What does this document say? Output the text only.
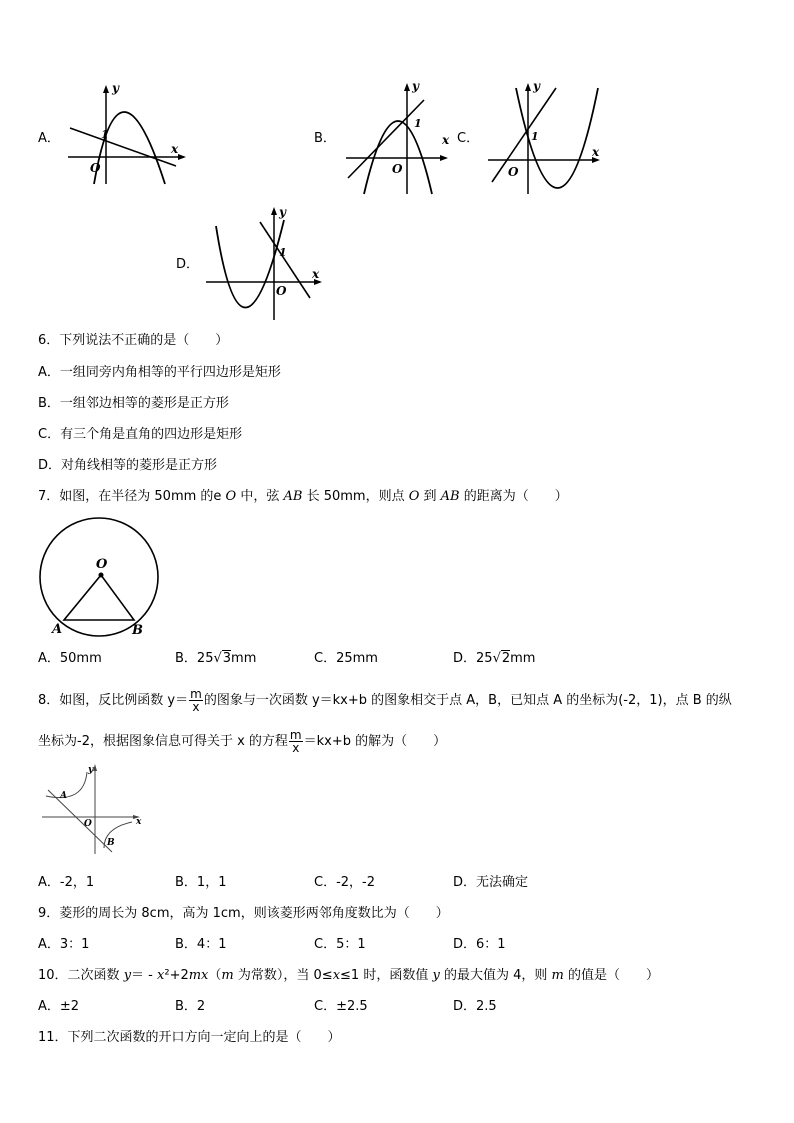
A．
y
x
O
1	B．
y
x
O
1
C．
y
x
O
1
D．
y
x
O
1
6．下列说法不正确的是（　　）
A．一组同旁内角相等的平行四边形是矩形
B．一组邻边相等的菱形是正方形
C．有三个角是直角的四边形是矩形
D．对角线相等的菱形是正方形
7．如图，在半径为 50mm 的e O 中，弦 AB 长 50mm，则点 O 到 AB 的距离为（　　）
O
A	B
A．50mm	B．25√3mm	C．25mm	D．25√2mm
8．如图，反比例函数 $y= \frac{m}{x}$ 的图象与一次函数 y＝kx+b 的图象相交于点 A，B，已知点 A 的坐标为(-2，1)，点 B 的纵
坐标为-2，根据图象信息可得关于 x 的方程 $\frac{m}{x} =kx+b$ 的解为（　　）
y
x
O
A
B
A．-2，1	B．1，1	C．-2，-2	D．无法确定
9．菱形的周长为 8cm，高为 1cm，则该菱形两邻角度数比为（　　）
A．3：1	B．4：1	C．5：1	D．6：1
10．二次函数 y＝ - x²+2mx（m 为常数），当 0≤x≤1 时，函数值 y 的最大值为 4，则 m 的值是（　　）
A．±2	B．2	C．±2.5	D．2.5
11．下列二次函数的开口方向一定向上的是（　　）
